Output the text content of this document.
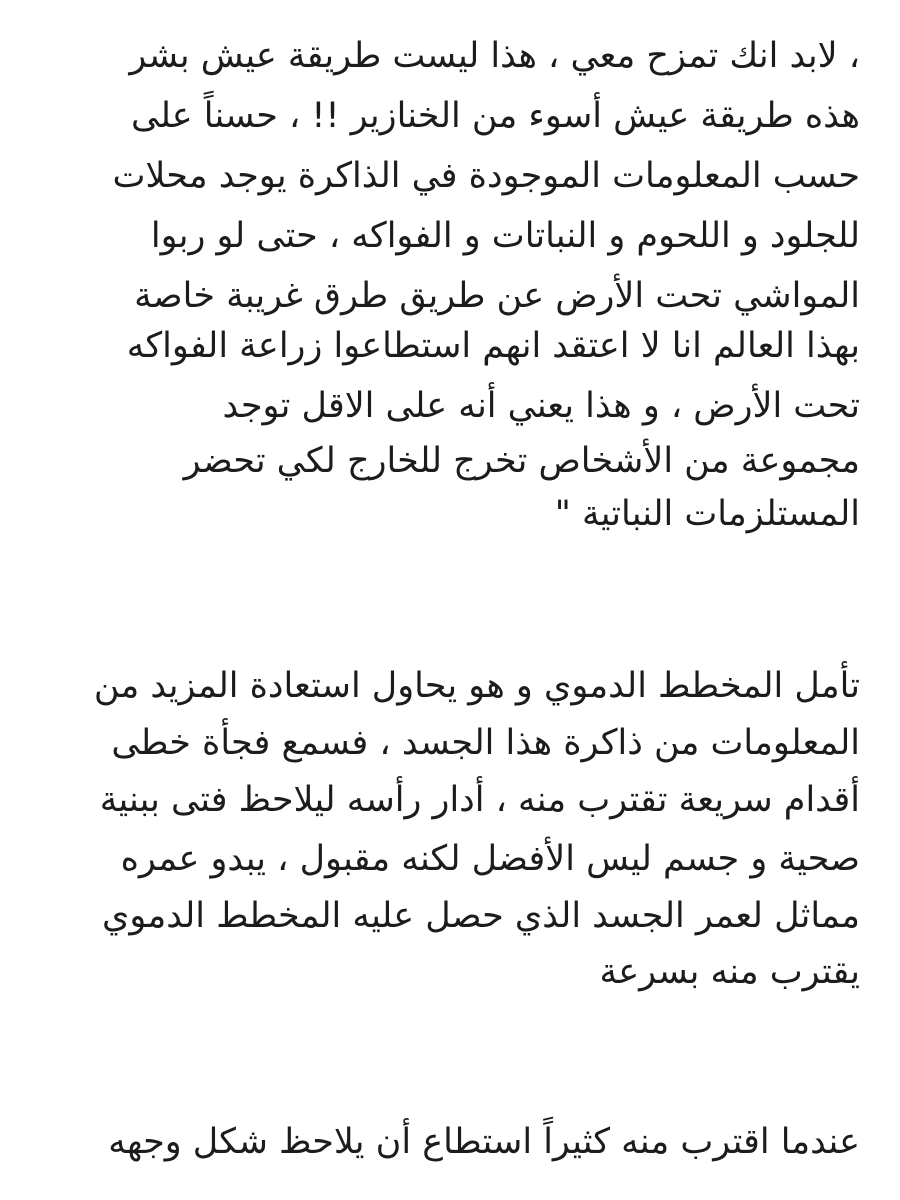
، لابد انك تمزح معي ، هذا ليست طريقة عيش بشر
هذه طريقة عيش أسوء من الخنازير !! ، حسناً على
حسب المعلومات الموجودة في الذاكرة يوجد محلات
للجلود و اللحوم و النباتات و الفواكه ، حتى لو ربوا
المواشي تحت الأرض عن طريق طرق غريبة خاصة
بهذا العالم انا لا اعتقد انهم استطاعوا زراعة الفواكه
تحت الأرض ، و هذا يعني أنه على الاقل توجد
مجموعة من الأشخاص تخرج للخارج لكي تحضر
المستلزمات النباتية "
تأمل المخطط الدموي و هو يحاول استعادة المزيد من
المعلومات من ذاكرة هذا الجسد ، فسمع فجأة خطى
أقدام سريعة تقترب منه ، أدار رأسه ليلاحظ فتى ببنية
صحية و جسم ليس الأفضل لكنه مقبول ، يبدو عمره
مماثل لعمر الجسد الذي حصل عليه المخطط الدموي
يقترب منه بسرعة
عندما اقترب منه كثيراً استطاع أن يلاحظ شكل وجهه
